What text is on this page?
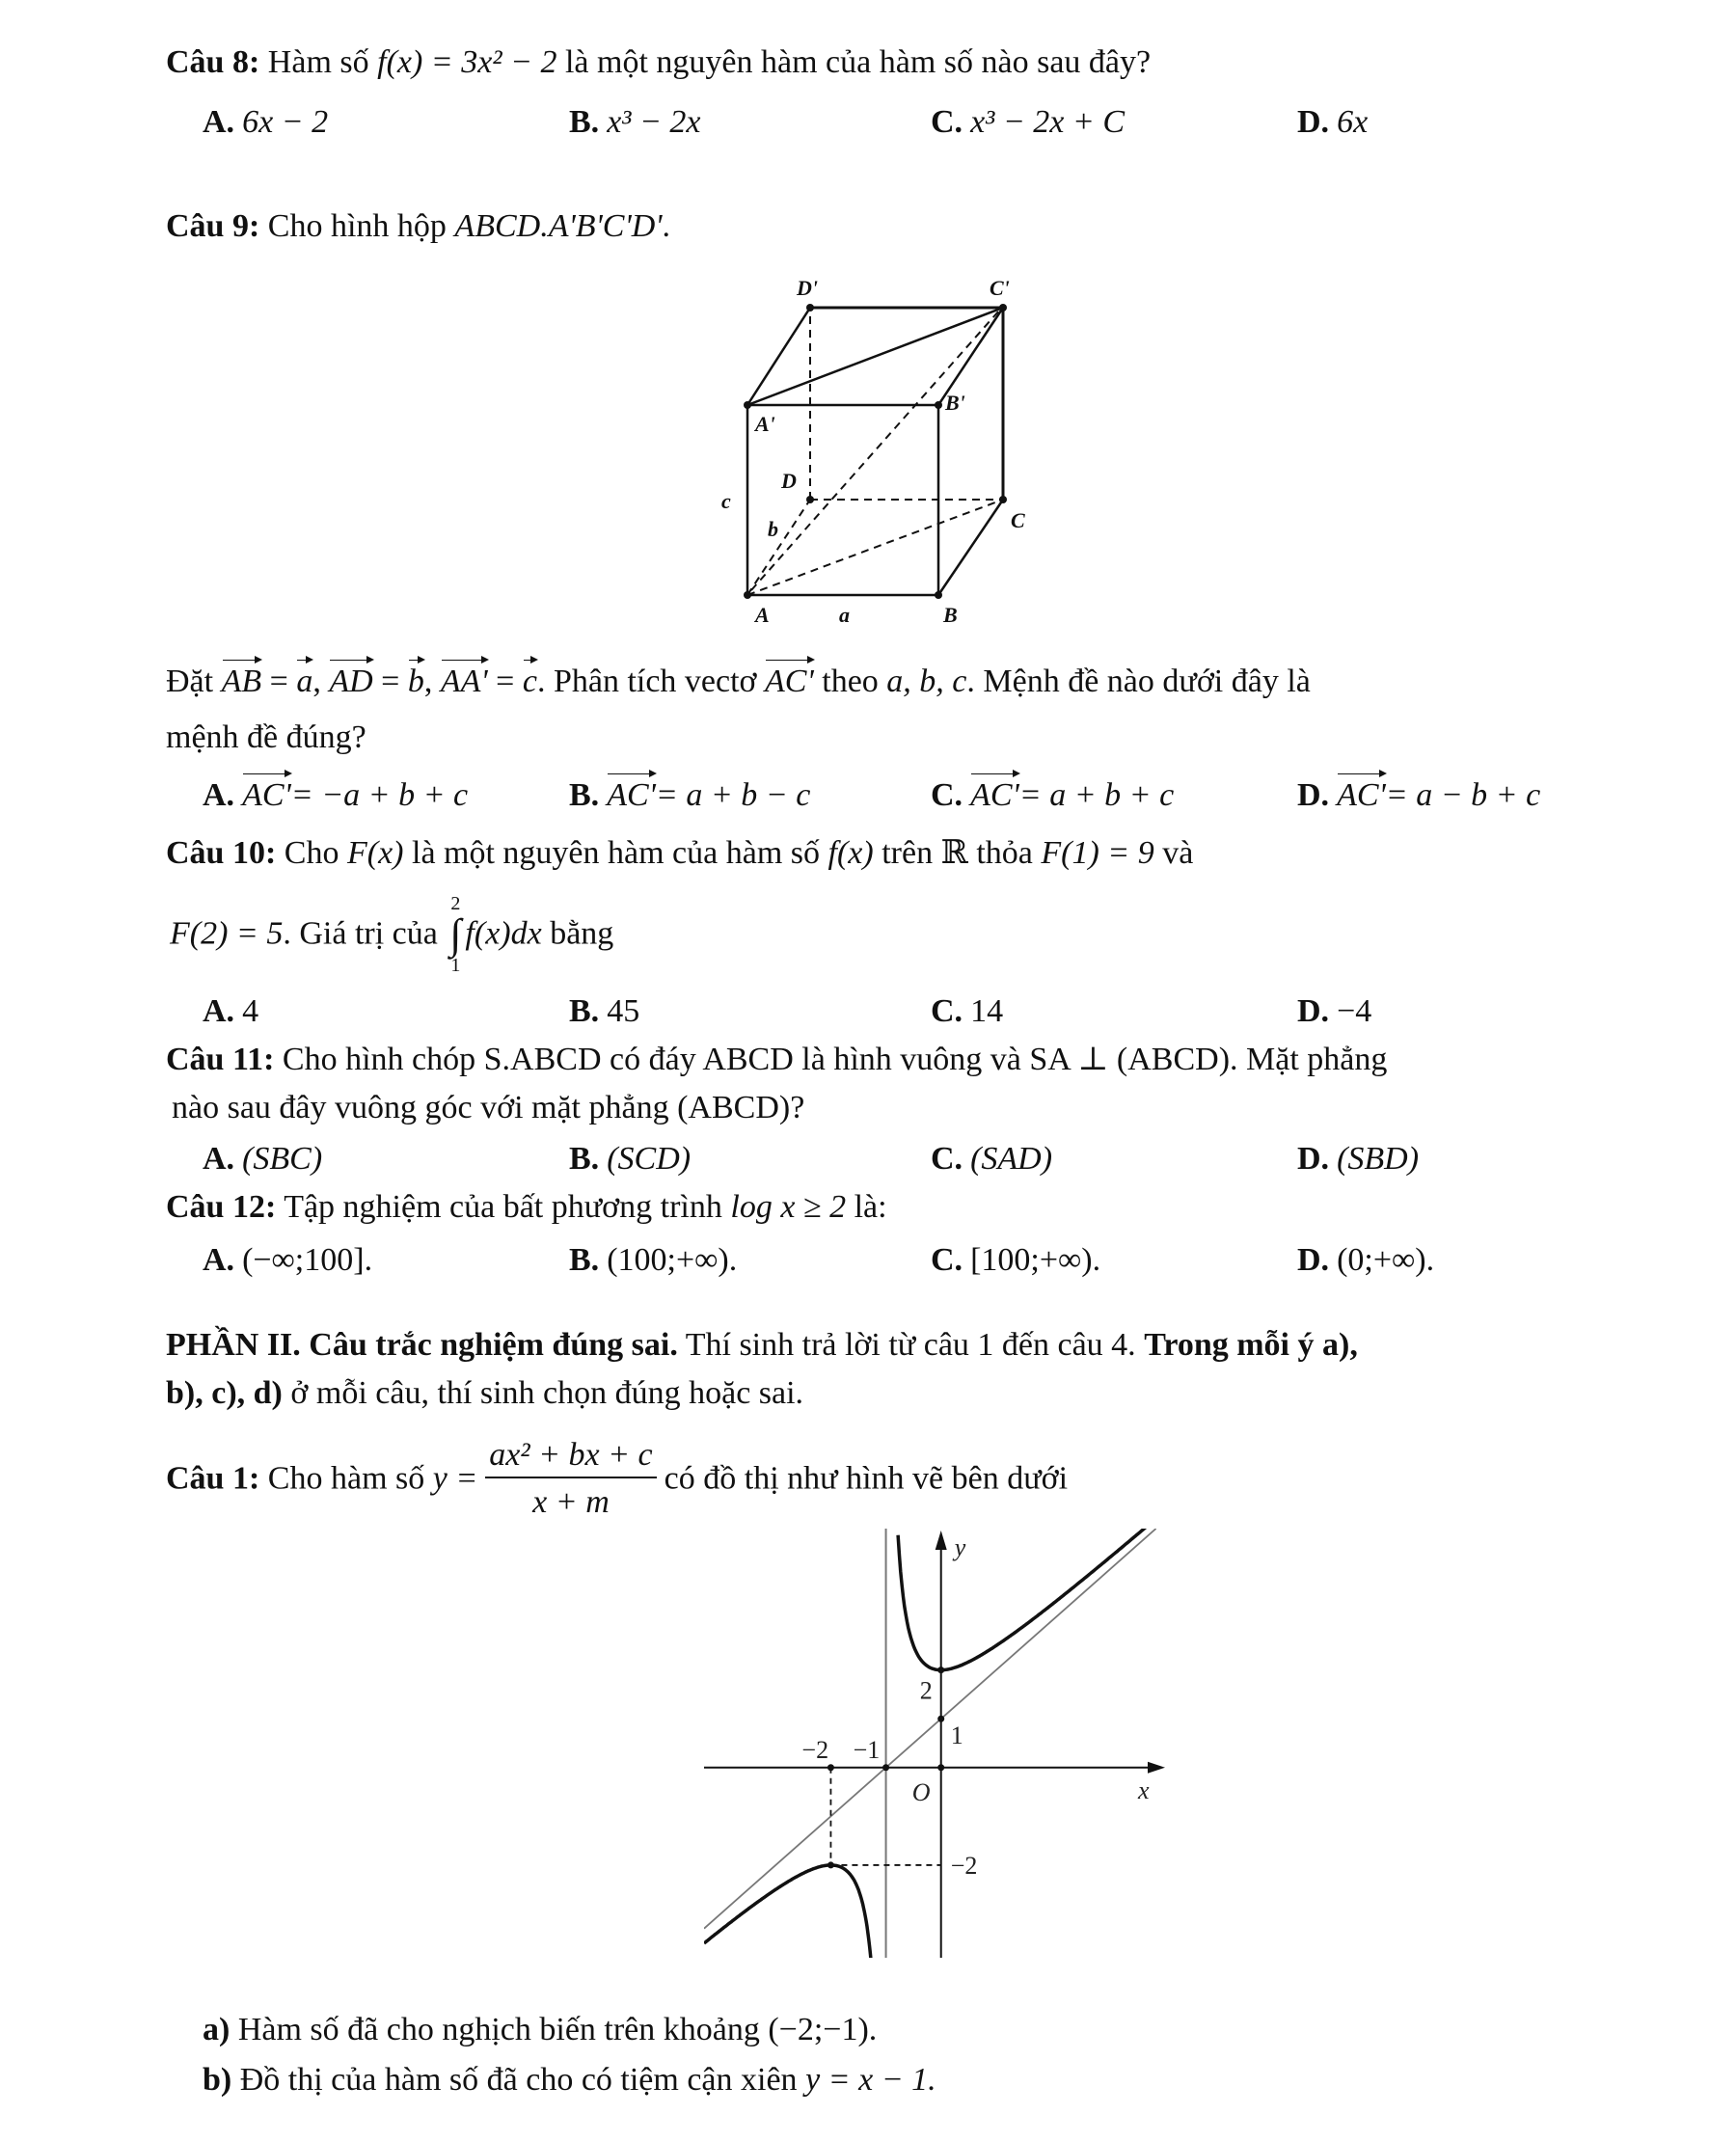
Câu 8: Hàm số f(x) = 3x² − 2 là một nguyên hàm của hàm số nào sau đây?
A. 6x − 2	B. x³ − 2x	C. x³ − 2x + C	D. 6x
Câu 9: Cho hình hộp ABCD.A'B'C'D'.
D'	C'
A'
B'
D
C
A	B
c
b
a
Đặt AB = a, AD = b, AA' = c. Phân tích vectơ AC' theo a, b, c. Mệnh đề nào dưới đây là
mệnh đề đúng?
A. AC'= −a + b + c	B. AC'= a + b − c	C. AC'= a + b + c	D. AC'= a − b + c
Câu 10: Cho F(x) là một nguyên hàm của hàm số f(x) trên ℝ thỏa F(1) = 9 và
F(2) = 5. Giá trị của
2
∫
1
f(x)dx bằng
A. 4	B. 45	C. 14	D. −4
Câu 11: Cho hình chóp S.ABCD có đáy ABCD là hình vuông và SA ⊥ (ABCD). Mặt phẳng
nào sau đây vuông góc với mặt phẳng (ABCD)?
A. (SBC)	B. (SCD)	C. (SAD)	D. (SBD)
Câu 12: Tập nghiệm của bất phương trình log x ≥ 2 là:
A. (−∞;100].	B. (100;+∞).	C. [100;+∞).	D. (0;+∞).
PHẦN II. Câu trắc nghiệm đúng sai. Thí sinh trả lời từ câu 1 đến câu 4. Trong mỗi ý a),
b), c), d) ở mỗi câu, thí sinh chọn đúng hoặc sai.
Câu 1: Cho hàm số $y = \frac{\text{ax² + bx + c}}{x + m}$ có đồ thị như hình vẽ bên dưới
−2 −1
2
1
−2
O	x
y
a) Hàm số đã cho nghịch biến trên khoảng (−2;−1).
b) Đồ thị của hàm số đã cho có tiệm cận xiên y = x − 1.
